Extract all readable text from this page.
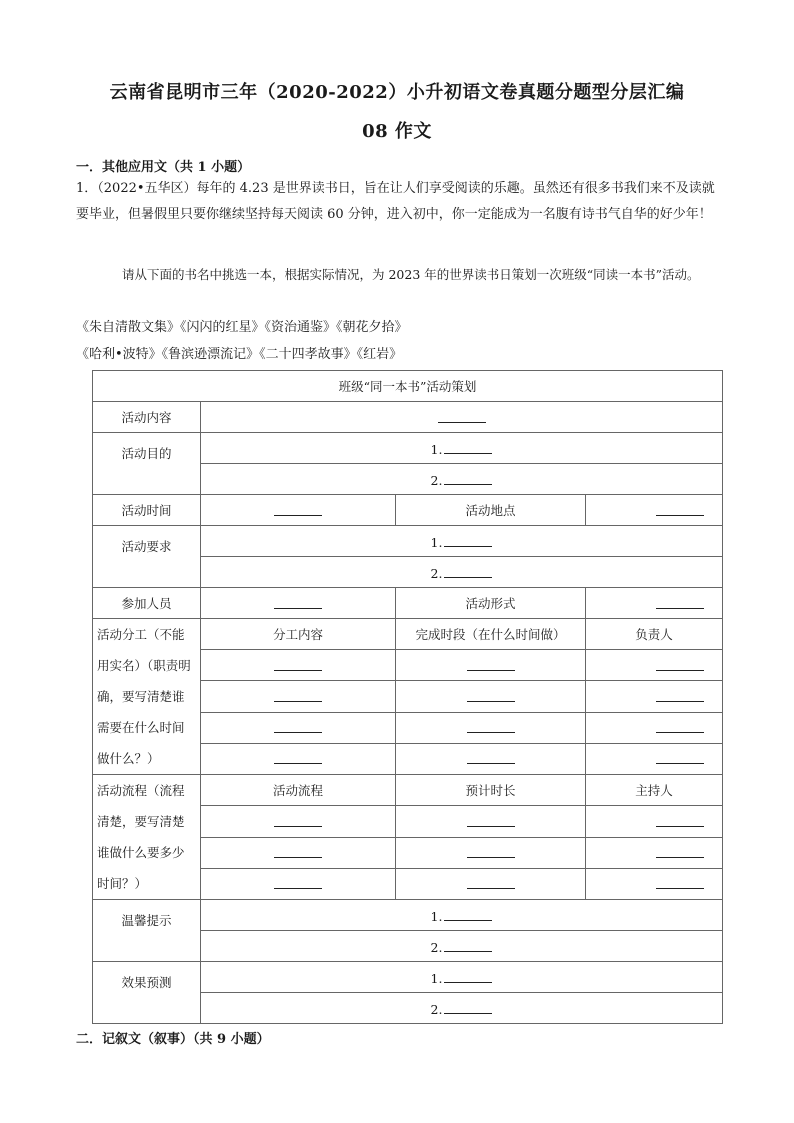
云南省昆明市三年（2020-2022）小升初语文卷真题分题型分层汇编
08 作文
一．其他应用文（共 1 小题）
1．（2022•五华区）每年的 4.23 是世界读书日，旨在让人们享受阅读的乐趣。虽然还有很多书我们来不及读就要毕业，但暑假里只要你继续坚持每天阅读 60 分钟，进入初中，你一定能成为一名腹有诗书气自华的好少年！
请从下面的书名中挑选一本，根据实际情况，为 2023 年的世界读书日策划一次班级“同读一本书”活动。
《朱自清散文集》《闪闪的红星》《资治通鉴》《朝花夕拾》
《哈利•波特》《鲁滨逊漂流记》《二十四孝故事》《红岩》
班级“同一本书”活动策划			
活动内容			
活动目的	1.		
	2.		
活动时间		活动地点	
活动要求	1.		
	2.		
参加人员		活动形式	
活动分工（不能用实名）（职责明确，要写清楚谁需要在什么时间做什么？）	分工内容	完成时段（在什么时间做）	负责人

活动流程（流程清楚，要写清楚谁做什么要多少时间？）	活动流程	预计时长	主持人

温馨提示	1.		
	2.		
效果预测	1.		
	2.		
二．记叙文（叙事）（共 9 小题）
